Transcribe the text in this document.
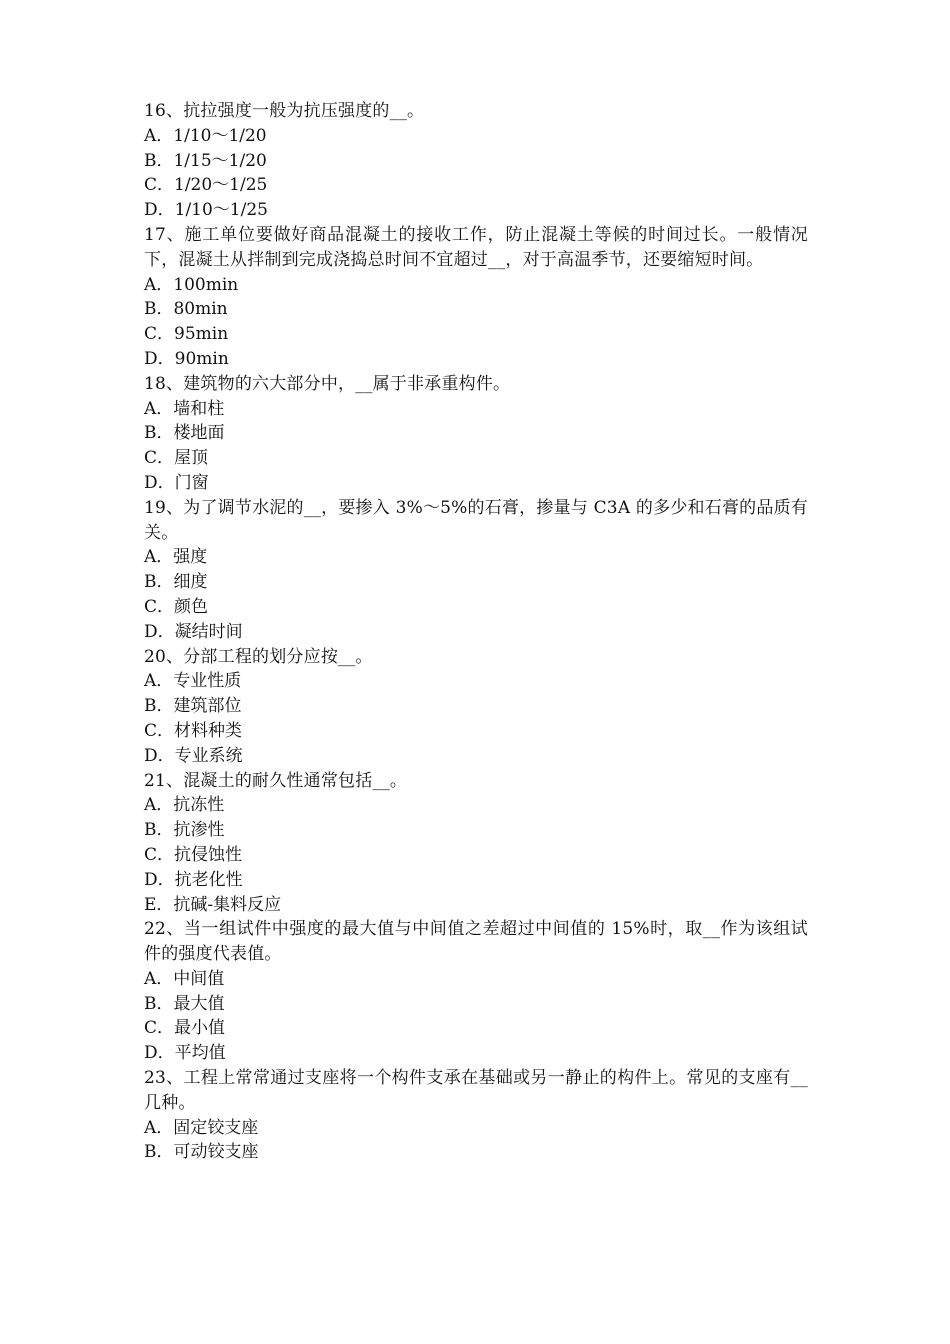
16、抗拉强度一般为抗压强度的__。
A．1/10～1/20
B．1/15～1/20
C．1/20～1/25
D．1/10～1/25
17、施工单位要做好商品混凝土的接收工作，防止混凝土等候的时间过长。一般情况下，混凝土从拌制到完成浇捣总时间不宜超过__，对于高温季节，还要缩短时间。
A．100min
B．80min
C．95min
D．90min
18、建筑物的六大部分中，__属于非承重构件。
A．墙和柱
B．楼地面
C．屋顶
D．门窗
19、为了调节水泥的__，要掺入 3%～5%的石膏，掺量与 C3A 的多少和石膏的品质有关。
A．强度
B．细度
C．颜色
D．凝结时间
20、分部工程的划分应按__。
A．专业性质
B．建筑部位
C．材料种类
D．专业系统
21、混凝土的耐久性通常包括__。
A．抗冻性
B．抗渗性
C．抗侵蚀性
D．抗老化性
E．抗碱-集料反应
22、当一组试件中强度的最大值与中间值之差超过中间值的 15%时，取__作为该组试件的强度代表值。
A．中间值
B．最大值
C．最小值
D．平均值
23、工程上常常通过支座将一个构件支承在基础或另一静止的构件上。常见的支座有__几种。
A．固定铰支座
B．可动铰支座
